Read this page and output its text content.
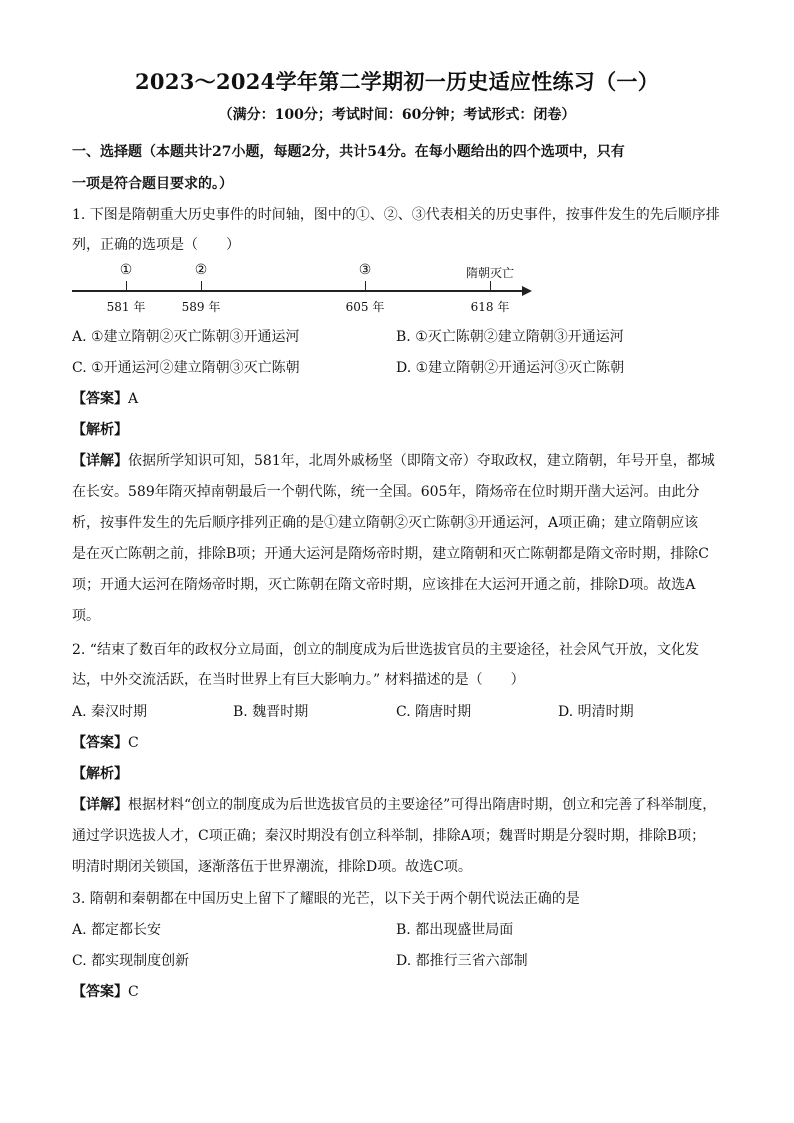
2023～2024学年第二学期初一历史适应性练习（一）
（满分：100分；考试时间：60分钟；考试形式：闭卷）
一、选择题（本题共计27小题，每题2分，共计54分。在每小题给出的四个选项中，只有
一项是符合题目要求的。）
1. 下图是隋朝重大历史事件的时间轴，图中的①、②、③代表相关的历史事件，按事件发生的先后顺序排
列，正确的选项是（　　）
①	②	③	隋朝灭亡
581 年	589 年	605 年	618 年
A. ①建立隋朝②灭亡陈朝③开通运河	B. ①灭亡陈朝②建立隋朝③开通运河
C. ①开通运河②建立隋朝③灭亡陈朝	D. ①建立隋朝②开通运河③灭亡陈朝
【答案】A
【解析】
【详解】依据所学知识可知，581年，北周外戚杨坚（即隋文帝）夺取政权，建立隋朝，年号开皇，都城
在长安。589年隋灭掉南朝最后一个朝代陈，统一全国。605年，隋炀帝在位时期开凿大运河。由此分
析，按事件发生的先后顺序排列正确的是①建立隋朝②灭亡陈朝③开通运河，A项正确；建立隋朝应该
是在灭亡陈朝之前，排除B项；开通大运河是隋炀帝时期，建立隋朝和灭亡陈朝都是隋文帝时期，排除C
项；开通大运河在隋炀帝时期，灭亡陈朝在隋文帝时期，应该排在大运河开通之前，排除D项。故选A
项。
2. “结束了数百年的政权分立局面，创立的制度成为后世选拔官员的主要途径，社会风气开放，文化发
达，中外交流活跃，在当时世界上有巨大影响力。” 材料描述的是（　　）
A. 秦汉时期	B. 魏晋时期	C. 隋唐时期	D. 明清时期
【答案】C
【解析】
【详解】根据材料“创立的制度成为后世选拔官员的主要途径”可得出隋唐时期，创立和完善了科举制度，
通过学识选拔人才，C项正确；秦汉时期没有创立科举制，排除A项；魏晋时期是分裂时期，排除B项；
明清时期闭关锁国，逐渐落伍于世界潮流，排除D项。故选C项。
3. 隋朝和秦朝都在中国历史上留下了耀眼的光芒，以下关于两个朝代说法正确的是
A. 都定都长安	B. 都出现盛世局面
C. 都实现制度创新	D. 都推行三省六部制
【答案】C
